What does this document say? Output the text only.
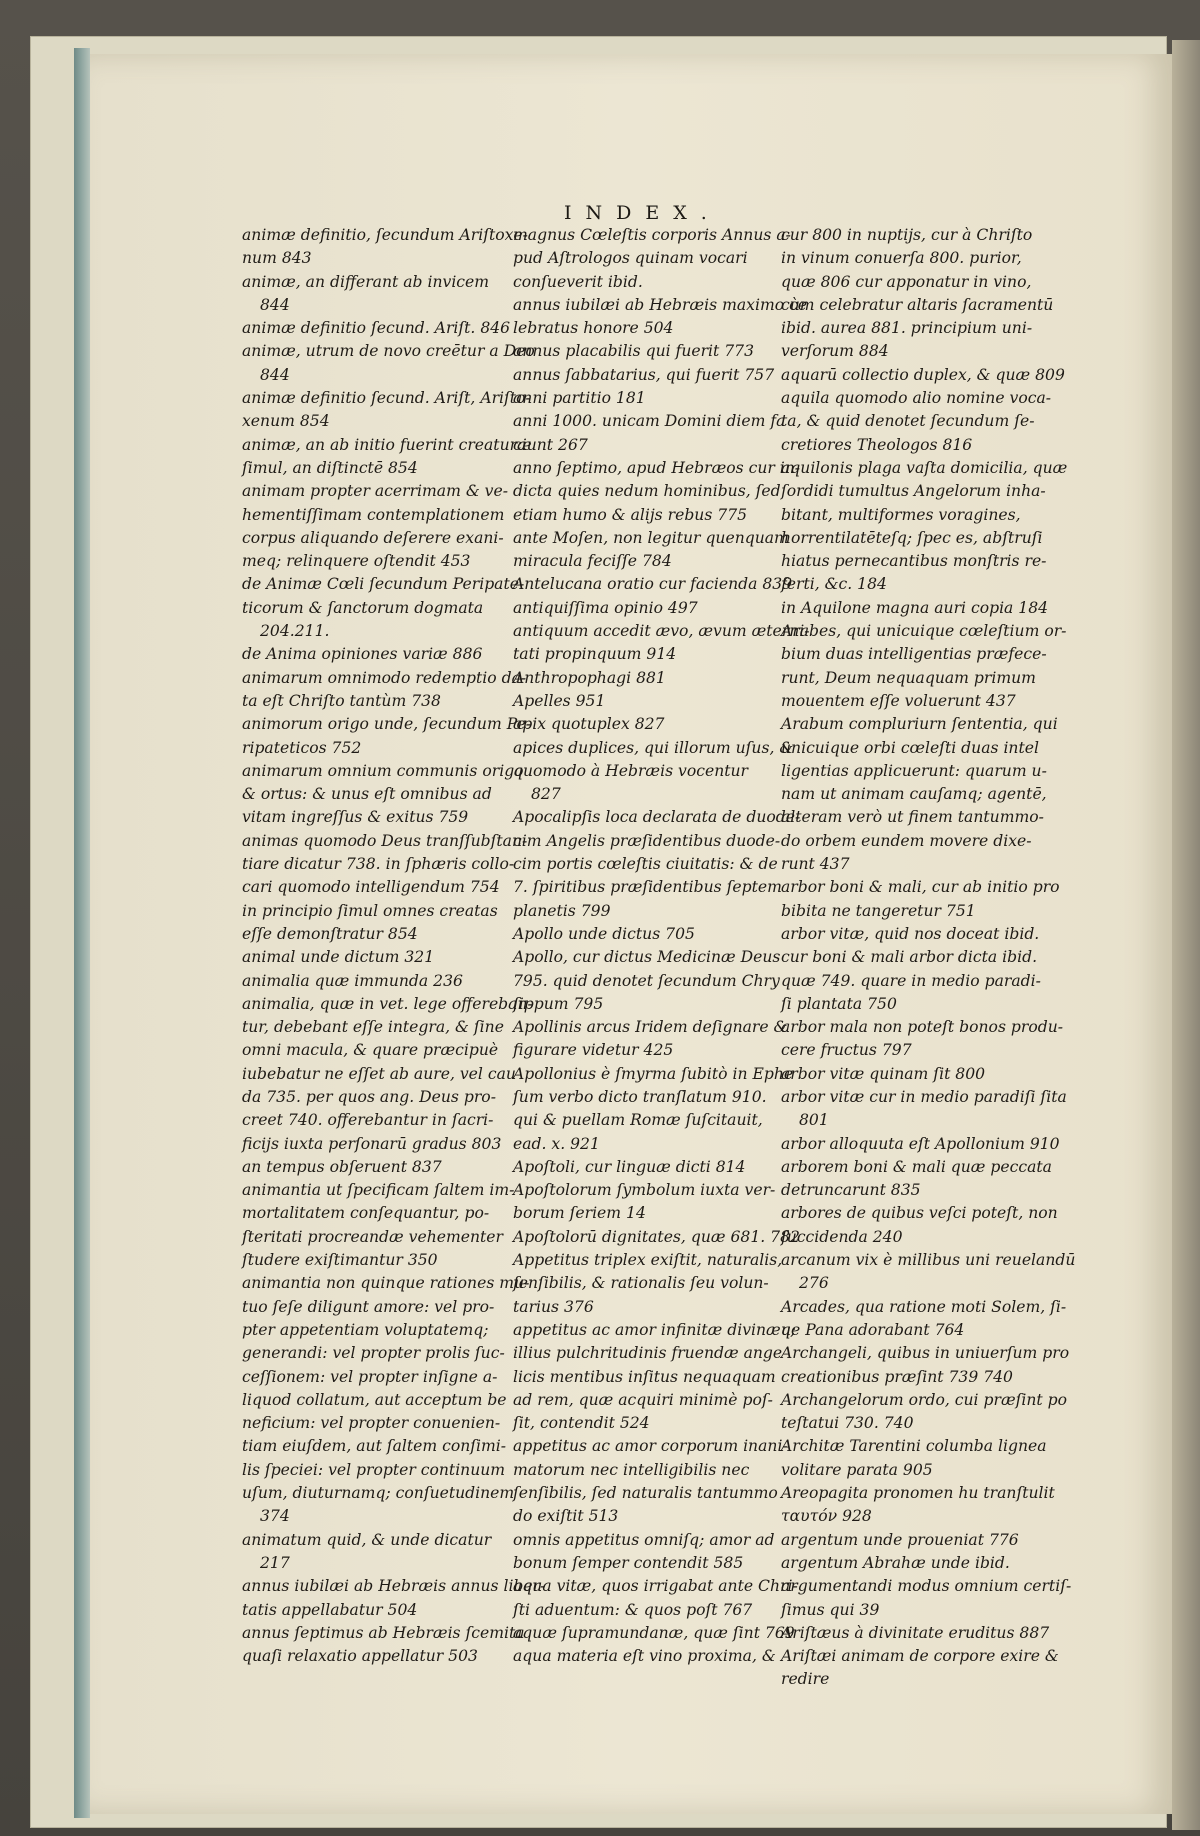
INDEX.
animæ definitio, ſecundum Ariſtoxe-
num 843
animæ, an differant ab invicem
844
animæ definitio ſecund. Ariſt. 846
animæ, utrum de novo creētur a Deo
844
animæ definitio ſecund. Ariſt, Ariſto-
xenum 854
animæ, an ab initio fuerint creaturæ
ſimul, an diſtinctē 854
animam propter acerrimam & ve-
hementiſſimam contemplationem
corpus aliquando deſerere exani-
meq; relinquere oſtendit 453
de Animæ Cœli ſecundum Peripate-
ticorum & ſanctorum dogmata
204.211.
de Anima opiniones variæ 886
animarum omnimodo redemptio da-
ta eſt Chriſto tantùm 738
animorum origo unde, ſecundum Pe-
ripateticos 752
animarum omnium communis origo
& ortus: & unus eſt omnibus ad
vitam ingreſſus & exitus 759
animas quomodo Deus tranſſubſtan-
tiare dicatur 738. in ſphæris collo-
cari quomodo intelligendum 754
in principio ſimul omnes creatas
eſſe demonſtratur 854
animal unde dictum 321
animalia quæ immunda 236
animalia, quæ in vet. lege offereban-
tur, debebant eſſe integra, & ſine
omni macula, & quare præcipuè
iubebatur ne eſſet ab aure, vel cau
da 735. per quos ang. Deus pro-
creet 740. offerebantur in ſacri-
ficijs iuxta perſonarū gradus 803
an tempus obſeruent 837
animantia ut ſpecificam ſaltem im-
mortalitatem conſequantur, po-
ſteritati procreandæ vehementer
ſtudere exiſtimantur 350
animantia non quinque rationes mu-
tuo ſeſe diligunt amore: vel pro-
pter appetentiam voluptatemq;
generandi: vel propter prolis ſuc-
ceſſionem: vel propter inſigne a-
liquod collatum, aut acceptum be
neficium: vel propter conuenien-
tiam eiuſdem, aut ſaltem conſimi-
lis ſpeciei: vel propter continuum
uſum, diuturnamq; conſuetudinem
374
animatum quid, & unde dicatur
217
annus iubilæi ab Hebræis annus liber-
tatis appellabatur 504
annus ſeptimus ab Hebræis ſcemita
quaſi relaxatio appellatur 503
magnus Cœleſtis corporis Annus a-
pud Aſtrologos quinam vocari
conſueverit ibid.
annus iubilæi ab Hebræis maximo ce
lebratus honore 504
annus placabilis qui fuerit 773
annus ſabbatarius, qui fuerit 757
anni partitio 181
anni 1000. unicam Domini diem fa
ciunt 267
anno ſeptimo, apud Hebræos cur in-
dicta quies nedum hominibus, ſed
etiam humo & alijs rebus 775
ante Moſen, non legitur quenquam
miracula feciſſe 784
Antelucana oratio cur facienda 839
antiquiſſima opinio 497
antiquum accedit ævo, ævum æterni-
tati propinquum 914
Anthropophagi 881
Apelles 951
apix quotuplex 827
apices duplices, qui illorum uſus, &
quomodo à Hebræis vocentur
827
Apocalipſis loca declarata de duode-
cim Angelis præſidentibus duode-
cim portis cœleſtis ciuitatis: & de
7. ſpiritibus præſidentibus ſeptem
planetis 799
Apollo unde dictus 705
Apollo, cur dictus Medicinæ Deus
795. quid denotet ſecundum Chry
ſippum 795
Apollinis arcus Iridem deſignare &
figurare videtur 425
Apollonius è ſmyrma ſubitò in Ephe
ſum verbo dicto tranſlatum 910.
qui & puellam Romæ ſuſcitauit,
ead. x. 921
Apoſtoli, cur linguæ dicti 814
Apoſtolorum ſymbolum iuxta ver-
borum ſeriem 14
Apoſtolorū dignitates, quæ 681. 782
Appetitus triplex exiſtit, naturalis,
ſenſibilis, & rationalis ſeu volun-
tarius 376
appetitus ac amor infinitæ divinæq;
illius pulchritudinis fruendæ ange
licis mentibus inſitus nequaquam
ad rem, quæ acquiri minimè poſ-
ſit, contendit 524
appetitus ac amor corporum inani-
matorum nec intelligibilis nec
ſenſibilis, ſed naturalis tantummo
do exiſtit 513
omnis appetitus omniſq; amor ad
bonum ſemper contendit 585
aqua vitæ, quos irrigabat ante Chri-
ſti aduentum: & quos poſt 767
aquæ ſupramundanæ, quæ ſint 769
aqua materia eſt vino proxima, &
cur 800 in nuptijs, cur à Chriſto
in vinum conuerſa 800. purior,
quæ 806 cur apponatur in vino,
cùm celebratur altaris ſacramentū
ibid. aurea 881. principium uni-
verſorum 884
aquarū collectio duplex, & quæ 809
aquila quomodo alio nomine voca-
ta, & quid denotet ſecundum ſe-
cretiores Theologos 816
aquilonis plaga vaſta domicilia, quæ
ſordidi tumultus Angelorum inha-
bitant, multiformes voragines,
horrentilatēteſq; ſpec es, abſtruſi
hiatus pernecantibus monſtris re-
ferti, &c. 184
in Aquilone magna auri copia 184
Arabes, qui unicuique cœleſtium or-
bium duas intelligentias præfece-
runt, Deum nequaquam primum
mouentem eſſe voluerunt 437
Arabum compluriurn ſententia, qui
unicuique orbi cœleſti duas intel
ligentias applicuerunt: quarum u-
nam ut animam cauſamq; agentē,
alteram verò ut finem tantummo-
do orbem eundem movere dixe-
runt 437
arbor boni & mali, cur ab initio pro
bibita ne tangeretur 751
arbor vitæ, quid nos doceat ibid.
cur boni & mali arbor dicta ibid.
quæ 749. quare in medio paradi-
ſi plantata 750
arbor mala non poteſt bonos produ-
cere fructus 797
arbor vitæ quinam ſit 800
arbor vitæ cur in medio paradiſi ſita
801
arbor alloquuta eſt Apollonium 910
arborem boni & mali quæ peccata
detruncarunt 835
arbores de quibus veſci poteſt, non
ſuccidenda 240
arcanum vix è millibus uni reuelandū
276
Arcades, qua ratione moti Solem, ſi-
ue Pana adorabant 764
Archangeli, quibus in uniuerſum pro
creationibus præſint 739 740
Archangelorum ordo, cui præſint po
teſtatui 730. 740
Architæ Tarentini columba lignea
volitare parata 905
Areopagita pronomen hu tranſtulit
ταυτόν 928
argentum unde proueniat 776
argentum Abrahæ unde ibid.
argumentandi modus omnium certiſ-
ſimus qui 39
Ariſtæus à divinitate eruditus 887
Ariſtæi animam de corpore exire &
redire
